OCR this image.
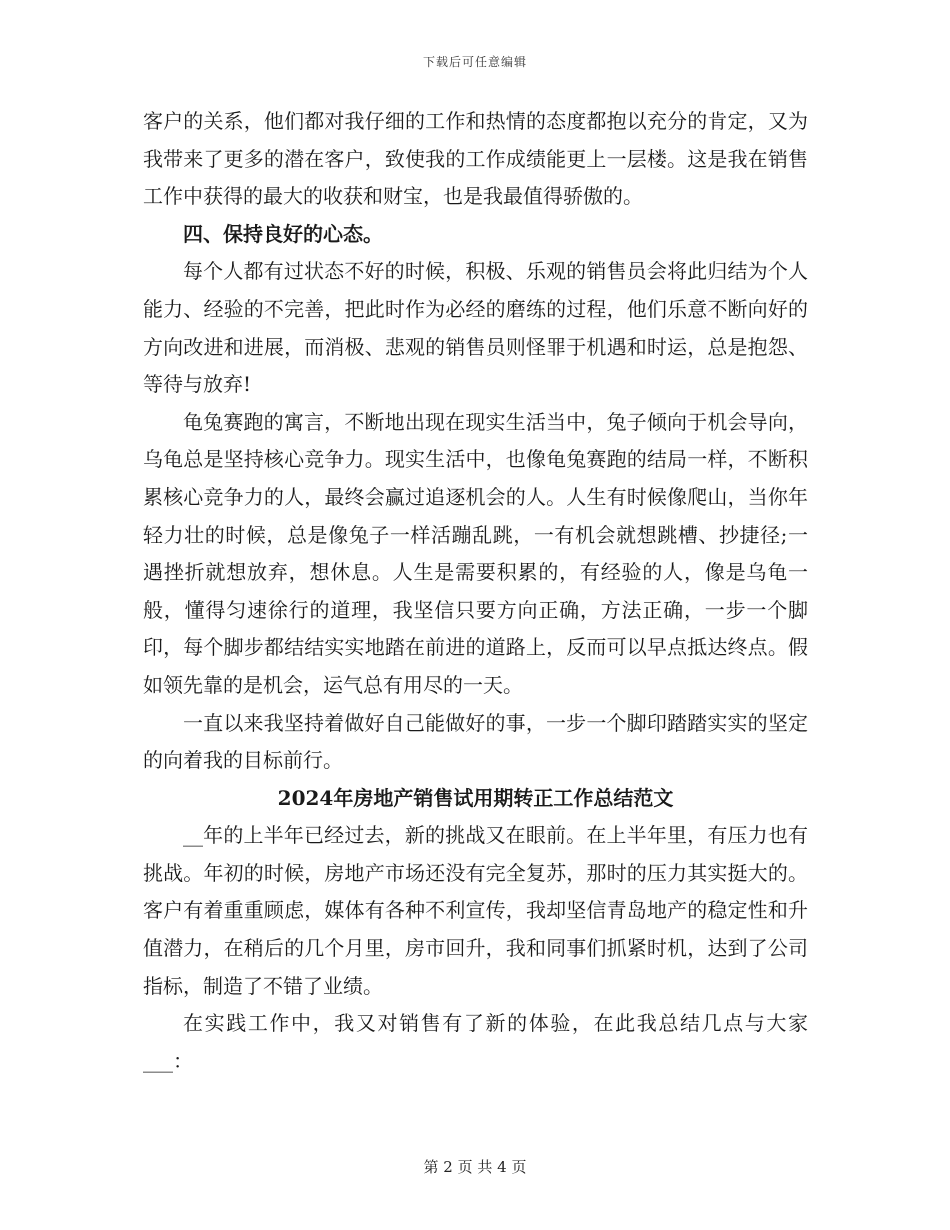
下载后可任意编辑

客户的关系，他们都对我仔细的工作和热情的态度都抱以充分的肯定，又为我带来了更多的潜在客户，致使我的工作成绩能更上一层楼。这是我在销售工作中获得的最大的收获和财宝，也是我最值得骄傲的。

四、保持良好的心态。

每个人都有过状态不好的时候，积极、乐观的销售员会将此归结为个人能力、经验的不完善，把此时作为必经的磨练的过程，他们乐意不断向好的方向改进和进展，而消极、悲观的销售员则怪罪于机遇和时运，总是抱怨、等待与放弃!

龟兔赛跑的寓言，不断地出现在现实生活当中，兔子倾向于机会导向，乌龟总是坚持核心竞争力。现实生活中，也像龟兔赛跑的结局一样，不断积累核心竞争力的人，最终会赢过追逐机会的人。人生有时候像爬山，当你年轻力壮的时候，总是像兔子一样活蹦乱跳，一有机会就想跳槽、抄捷径;一遇挫折就想放弃，想休息。人生是需要积累的，有经验的人，像是乌龟一般，懂得匀速徐行的道理，我坚信只要方向正确，方法正确，一步一个脚印，每个脚步都结结实实地踏在前进的道路上，反而可以早点抵达终点。假如领先靠的是机会，运气总有用尽的一天。

一直以来我坚持着做好自己能做好的事，一步一个脚印踏踏实实的坚定的向着我的目标前行。

2024年房地产销售试用期转正工作总结范文

__年的上半年已经过去，新的挑战又在眼前。在上半年里，有压力也有挑战。年初的时候，房地产市场还没有完全复苏，那时的压力其实挺大的。客户有着重重顾虑，媒体有各种不利宣传，我却坚信青岛地产的稳定性和升值潜力，在稍后的几个月里，房市回升，我和同事们抓紧时机，达到了公司指标，制造了不错了业绩。

在实践工作中，我又对销售有了新的体验，在此我总结几点与大家___：

第 2 页 共 4 页
